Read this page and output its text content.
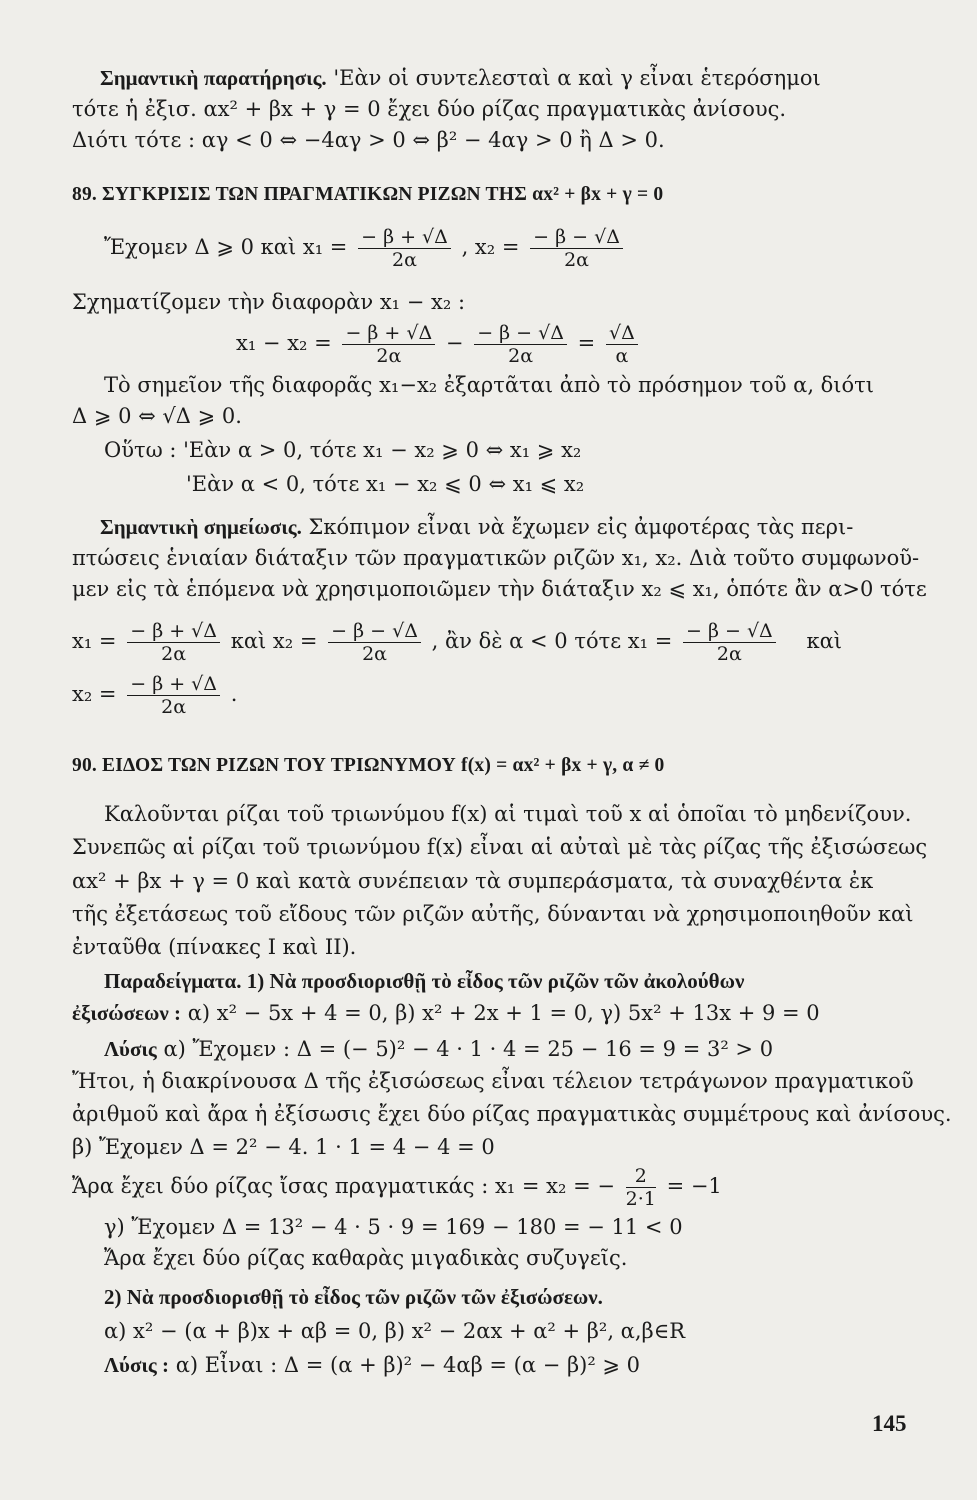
Σημαντικὴ παρατήρησις. 'Εὰν οἱ συντελεσταὶ α καὶ γ εἶναι ἑτερόσημοι
τότε ἡ ἐξισ. αx² + βx + γ = 0 ἔχει δύο ρίζας πραγματικὰς ἀνίσους.
Διότι τότε : αγ < 0 ⇔ −4αγ > 0 ⇔ β² − 4αγ > 0 ἢ Δ > 0.
89. ΣΥΓΚΡΙΣΙΣ ΤΩΝ ΠΡΑΓΜΑΤΙΚΩΝ ΡΙΖΩΝ ΤΗΣ αx² + βx + γ = 0
Ἔχομεν Δ ⩾ 0 καὶ $x_1 = \frac{- \beta + √\Delta}{2\alpha}$ , $x_2 = \frac{- \beta - √\Delta}{2\alpha}$
Σχηματίζομεν τὴν διαφορὰν x₁ − x₂ :
$x_1 - x_2 = \frac{- \beta + √\Delta}{2\alpha} - \frac{- \beta - √\Delta}{2\alpha} = \frac{√\Delta}{\alpha}$
Τὸ σημεῖον τῆς διαφορᾶς x₁−x₂ ἐξαρτᾶται ἀπὸ τὸ πρόσημον τοῦ α, διότι
Δ ⩾ 0 ⇔ √Δ ⩾ 0.
Οὕτω : 'Εὰν α > 0, τότε x₁ − x₂ ⩾ 0 ⇔ x₁ ⩾ x₂
'Εὰν α < 0, τότε x₁ − x₂ ⩽ 0 ⇔ x₁ ⩽ x₂
Σημαντικὴ σημείωσις. Σκόπιμον εἶναι νὰ ἔχωμεν εἰς ἀμφοτέρας τὰς περι-
πτώσεις ἑνιαίαν διάταξιν τῶν πραγματικῶν ριζῶν x₁, x₂. Διὰ τοῦτο συμφωνοῦ-
μεν εἰς τὰ ἑπόμενα νὰ χρησιμοποιῶμεν τὴν διάταξιν x₂ ⩽ x₁, ὁπότε ἂν α>0 τότε
$x_1 = \frac{- \beta + √\Delta}{2\alpha}$ καὶ $x_2 = \frac{- \beta - √\Delta}{2\alpha}$ , ἂν δὲ α < 0 τότε $x_1 = \frac{- \beta - √\Delta}{2\alpha}$ καὶ
$x_2 = \frac{- \beta + √\Delta}{2\alpha}$ .
90. ΕΙΔΟΣ ΤΩΝ ΡΙΖΩΝ ΤΟΥ ΤΡΙΩΝΥΜΟΥ f(x) = αx² + βx + γ, α ≠ 0
Καλοῦνται ρίζαι τοῦ τριωνύμου f(x) αἱ τιμαὶ τοῦ x αἱ ὁποῖαι τὸ μηδενίζουν.
Συνεπῶς αἱ ρίζαι τοῦ τριωνύμου f(x) εἶναι αἱ αὐταὶ μὲ τὰς ρίζας τῆς ἐξισώσεως
αx² + βx + γ = 0 καὶ κατὰ συνέπειαν τὰ συμπεράσματα, τὰ συναχθέντα ἐκ
τῆς ἐξετάσεως τοῦ εἴδους τῶν ριζῶν αὐτῆς, δύνανται νὰ χρησιμοποιηθοῦν καὶ
ἐνταῦθα (πίνακες Ι καὶ ΙΙ).
Παραδείγματα. 1) Νὰ προσδιορισθῇ τὸ εἶδος τῶν ριζῶν τῶν ἀκολούθων
ἐξισώσεων : α) x² − 5x + 4 = 0, β) x² + 2x + 1 = 0, γ) 5x² + 13x + 9 = 0
Λύσις α) Ἔχομεν : Δ = (− 5)² − 4 · 1 · 4 = 25 − 16 = 9 = 3² > 0
Ἤτοι, ἡ διακρίνουσα Δ τῆς ἐξισώσεως εἶναι τέλειον τετράγωνον πραγματικοῦ
ἀριθμοῦ καὶ ἄρα ἡ ἐξίσωσις ἔχει δύο ρίζας πραγματικὰς συμμέτρους καὶ ἀνίσους.
β) Ἔχομεν Δ = 2² − 4. 1 · 1 = 4 − 4 = 0
Ἄρα ἔχει δύο ρίζας ἴσας πραγματικάς : x₁ = x₂ = − $\frac{2}{2\cdot 1} = -1$
γ) Ἔχομεν Δ = 13² − 4 · 5 · 9 = 169 − 180 = − 11 < 0
Ἄρα ἔχει δύο ρίζας καθαρὰς μιγαδικὰς συζυγεῖς.
2) Νὰ προσδιορισθῇ τὸ εἶδος τῶν ριζῶν τῶν ἐξισώσεων.
α) x² − (α + β)x + αβ = 0, β) x² − 2αx + α² + β², α,β∈R
Λύσις : α) Εἶναι : Δ = (α + β)² − 4αβ = (α − β)² ⩾ 0
145
